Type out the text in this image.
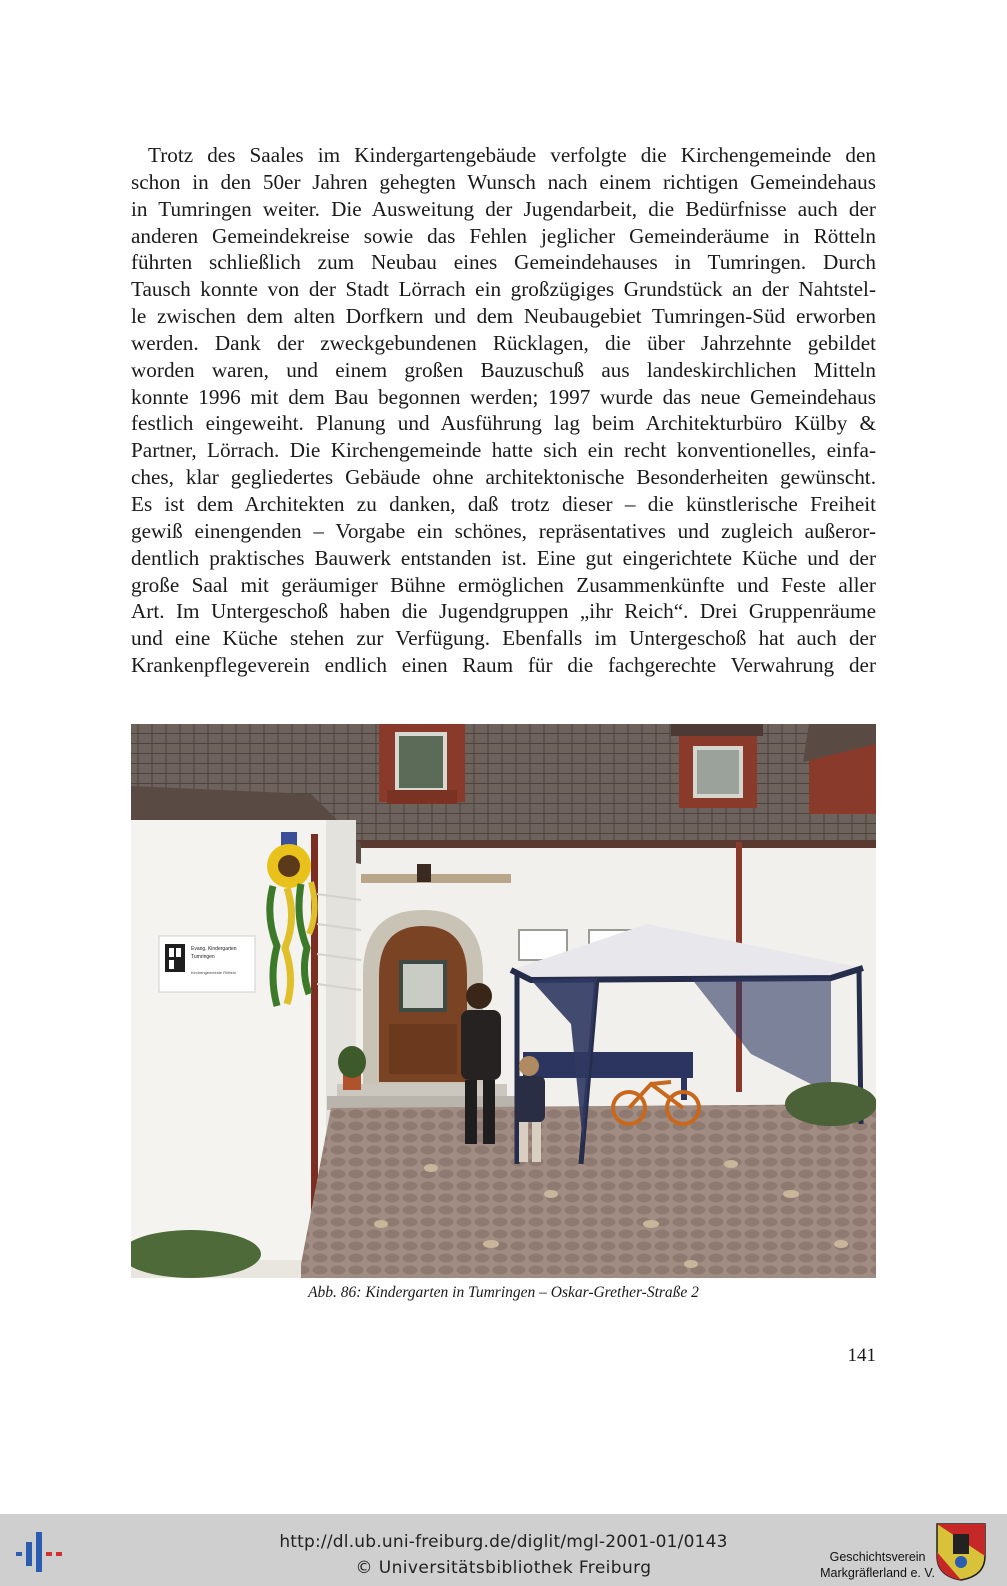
Trotz des Saales im Kindergartengebäude verfolgte die Kirchengemeinde den
schon in den 50er Jahren gehegten Wunsch nach einem richtigen Gemeindehaus
in Tumringen weiter. Die Ausweitung der Jugendarbeit, die Bedürfnisse auch der
anderen Gemeindekreise sowie das Fehlen jeglicher Gemeinderäume in Rötteln
führten schließlich zum Neubau eines Gemeindehauses in Tumringen. Durch
Tausch konnte von der Stadt Lörrach ein großzügiges Grundstück an der Nahtstel-
le zwischen dem alten Dorfkern und dem Neubaugebiet Tumringen-Süd erworben
werden. Dank der zweckgebundenen Rücklagen, die über Jahrzehnte gebildet
worden waren, und einem großen Bauzuschuß aus landeskirchlichen Mitteln
konnte 1996 mit dem Bau begonnen werden; 1997 wurde das neue Gemeindehaus
festlich eingeweiht. Planung und Ausführung lag beim Architekturbüro Külby &
Partner, Lörrach. Die Kirchengemeinde hatte sich ein recht konventionelles, einfa-
ches, klar gegliedertes Gebäude ohne architektonische Besonderheiten gewünscht.
Es ist dem Architekten zu danken, daß trotz dieser – die künstlerische Freiheit
gewiß einengenden – Vorgabe ein schönes, repräsentatives und zugleich außeror-
dentlich praktisches Bauwerk entstanden ist. Eine gut eingerichtete Küche und der
große Saal mit geräumiger Bühne ermöglichen Zusammenkünfte und Feste aller
Art. Im Untergeschoß haben die Jugendgruppen „ihr Reich“. Drei Gruppenräume
und eine Küche stehen zur Verfügung. Ebenfalls im Untergeschoß hat auch der
Krankenpflegeverein endlich einen Raum für die fachgerechte Verwahrung der
Evang. Kindergarten
Tumringen
Kirchengemeinde Rötteln
Abb. 86: Kindergarten in Tumringen – Oskar-Grether-Straße 2
141
http://dl.ub.uni-freiburg.de/diglit/mgl-2001-01/0143
© Universitätsbibliothek Freiburg
Geschichtsverein
Markgräflerland e. V.
